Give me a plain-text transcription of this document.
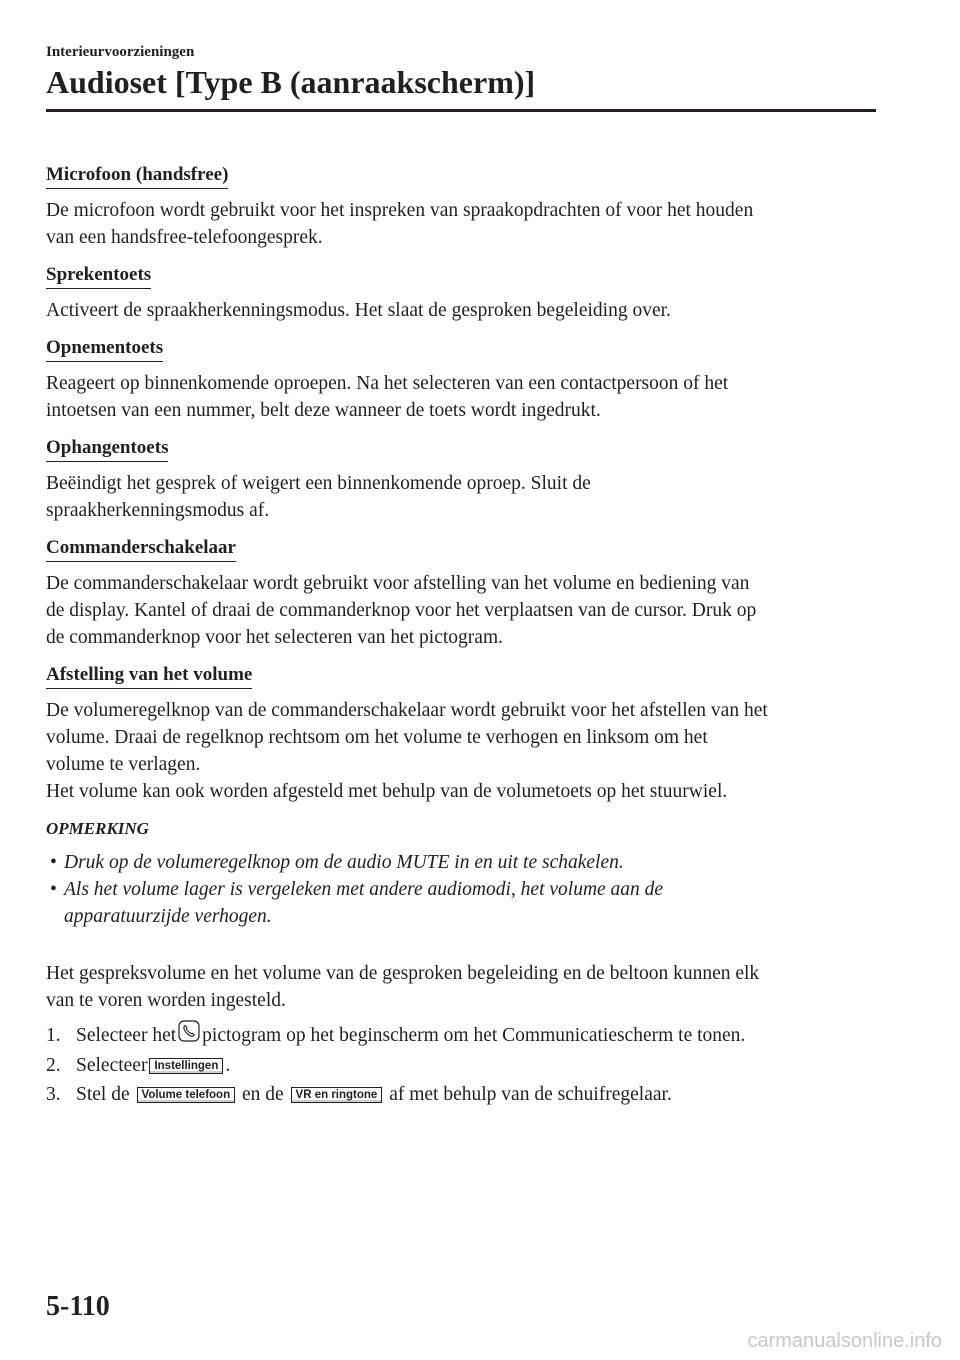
Interieurvoorzieningen
Audioset [Type B (aanraakscherm)]
Microfoon (handsfree)

De microfoon wordt gebruikt voor het inspreken van spraakopdrachten of voor het houden

van een handsfree-telefoongesprek.

Sprekentoets

Activeert de spraakherkenningsmodus. Het slaat de gesproken begeleiding over.

Opnementoets

Reageert op binnenkomende oproepen. Na het selecteren van een contactpersoon of het

intoetsen van een nummer, belt deze wanneer de toets wordt ingedrukt.

Ophangentoets

Beëindigt het gesprek of weigert een binnenkomende oproep. Sluit de

spraakherkenningsmodus af.

Commanderschakelaar

De commanderschakelaar wordt gebruikt voor afstelling van het volume en bediening van

de display. Kantel of draai de commanderknop voor het verplaatsen van de cursor. Druk op

de commanderknop voor het selecteren van het pictogram.

Afstelling van het volume

De volumeregelknop van de commanderschakelaar wordt gebruikt voor het afstellen van het

volume. Draai de regelknop rechtsom om het volume te verhogen en linksom om het

volume te verlagen.

Het volume kan ook worden afgesteld met behulp van de volumetoets op het stuurwiel.

OPMERKING
• Druk op de volumeregelknop om de audio MUTE in en uit te schakelen.
• Als het volume lager is vergeleken met andere audiomodi, het volume aan de
apparatuurzijde verhogen.

Het gespreksvolume en het volume van de gesproken begeleiding en de beltoon kunnen elk

van te voren worden ingesteld.

1. Selecteer het pictogram op het beginscherm om het Communicatiescherm te tonen.
2. Selecteer Instellingen .
3. Stel de
	Volume telefoon
en de
	VR en ringtone
af met behulp van de schuifregelaar.
5-110
carmanualsonline.info
